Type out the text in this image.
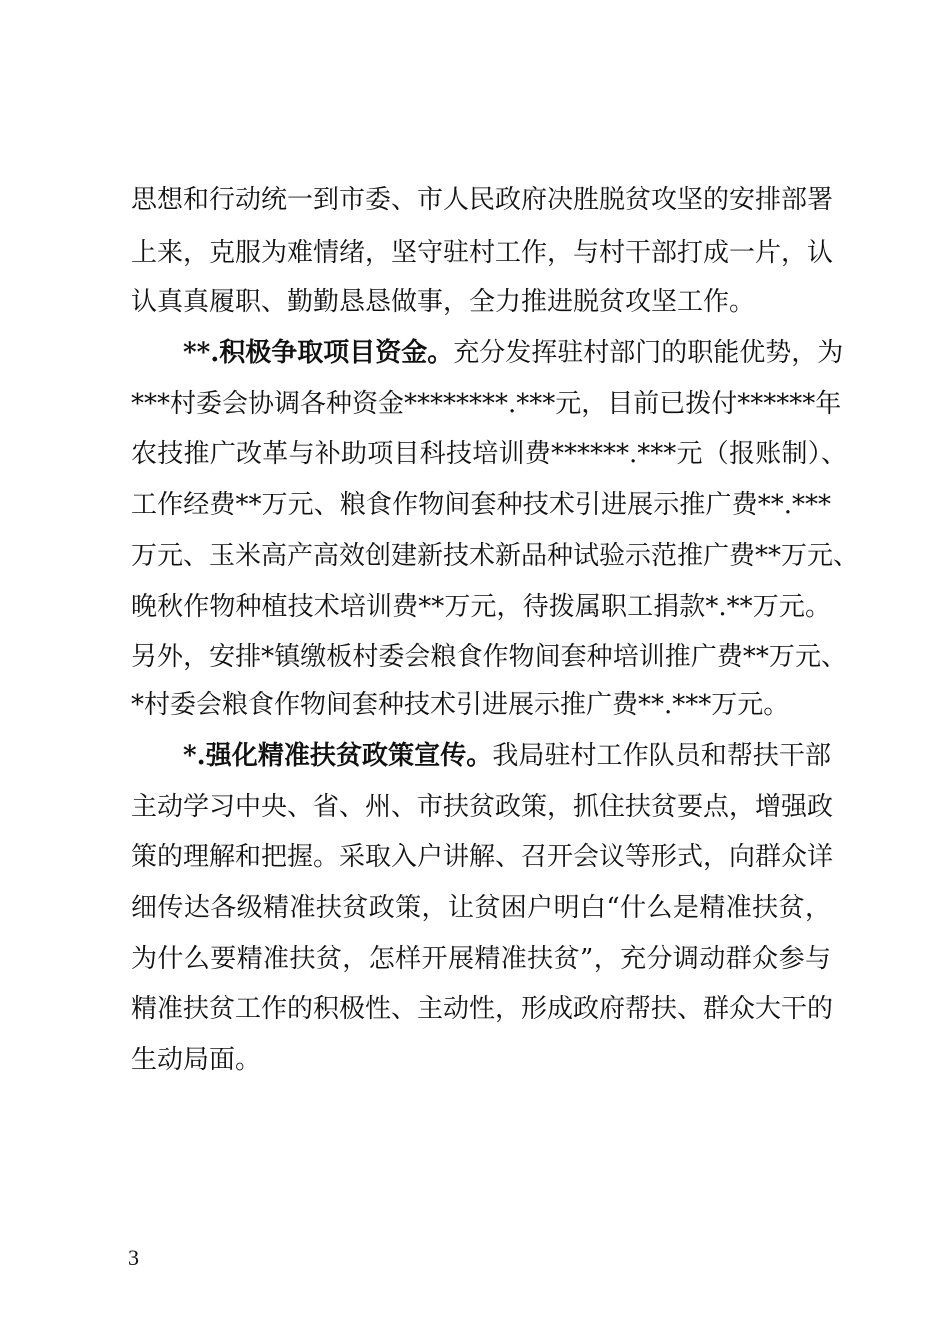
思想和行动统一到市委、市人民政府决胜脱贫攻坚的安排部署
上来，克服为难情绪，坚守驻村工作，与村干部打成一片，认
认真真履职、勤勤恳恳做事，全力推进脱贫攻坚工作。
**.积极争取项目资金。充分发挥驻村部门的职能优势，为
***村委会协调各种资金********.***元，目前已拨付******年
农技推广改革与补助项目科技培训费******.***元（报账制）、
工作经费**万元、粮食作物间套种技术引进展示推广费**.***
万元、玉米高产高效创建新技术新品种试验示范推广费**万元、
晚秋作物种植技术培训费**万元，待拨属职工捐款*.**万元。
另外，安排*镇缴板村委会粮食作物间套种培训推广费**万元、
*村委会粮食作物间套种技术引进展示推广费**.***万元。
*.强化精准扶贫政策宣传。我局驻村工作队员和帮扶干部
主动学习中央、省、州、市扶贫政策，抓住扶贫要点，增强政
策的理解和把握。采取入户讲解、召开会议等形式，向群众详
细传达各级精准扶贫政策，让贫困户明白“什么是精准扶贫，
为什么要精准扶贫，怎样开展精准扶贫”，充分调动群众参与
精准扶贫工作的积极性、主动性，形成政府帮扶、群众大干的
生动局面。
3
